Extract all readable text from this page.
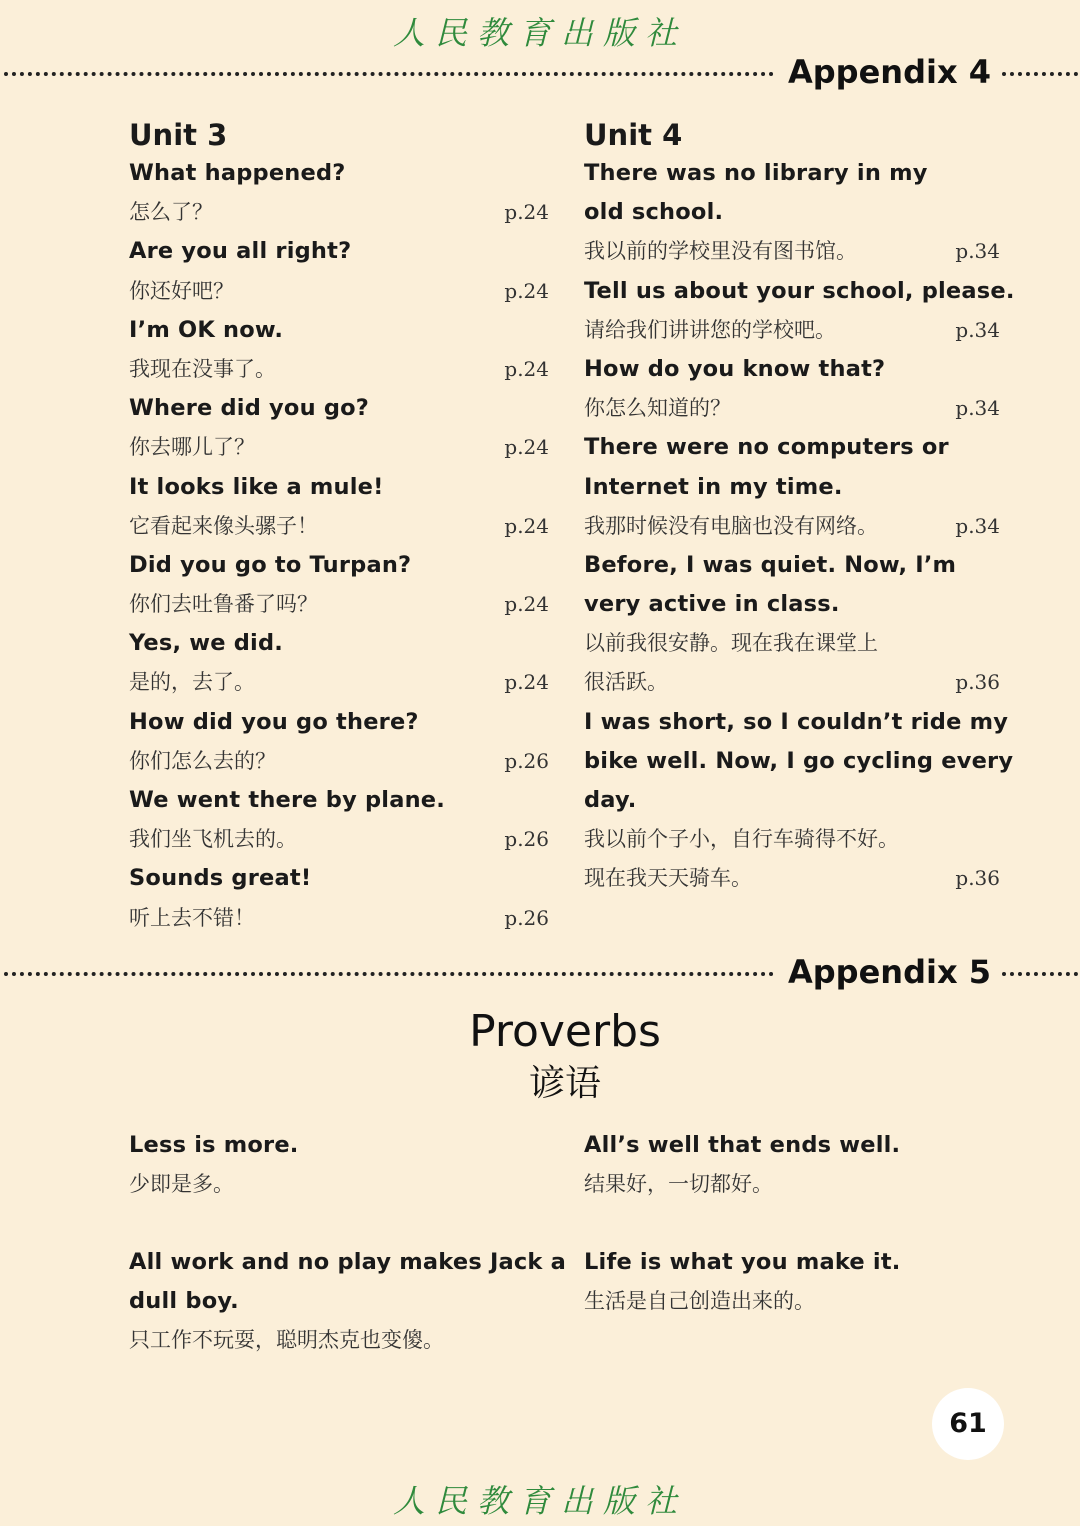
人民教育出版社
Appendix 4
Unit 3
What happened?
怎么了？	p.24
Are you all right?
你还好吧？	p.24
I’m OK now.
我现在没事了。	p.24
Where did you go?
你去哪儿了？	p.24
It looks like a mule!
它看起来像头骡子！	p.24
Did you go to Turpan?
你们去吐鲁番了吗？	p.24
Yes, we did.
是的，去了。	p.24
How did you go there?
你们怎么去的？	p.26
We went there by plane.
我们坐飞机去的。	p.26
Sounds great!
听上去不错！	p.26
Unit 4
There was no library in my
old school.
我以前的学校里没有图书馆。	p.34
Tell us about your school, please.
请给我们讲讲您的学校吧。	p.34
How do you know that?
你怎么知道的？	p.34
There were no computers or
Internet in my time.
我那时候没有电脑也没有网络。	p.34
Before, I was quiet. Now, I’m
very active in class.
以前我很安静。现在我在课堂上
很活跃。	p.36
I was short, so I couldn’t ride my
bike well. Now, I go cycling every
day.
我以前个子小，自行车骑得不好。
现在我天天骑车。	p.36
Appendix 5
Proverbs
谚语
Less is more.
少即是多。
All’s well that ends well.
结果好，一切都好。
All work and no play makes Jack a
dull boy.
只工作不玩耍，聪明杰克也变傻。
Life is what you make it.
生活是自己创造出来的。
61
人民教育出版社
